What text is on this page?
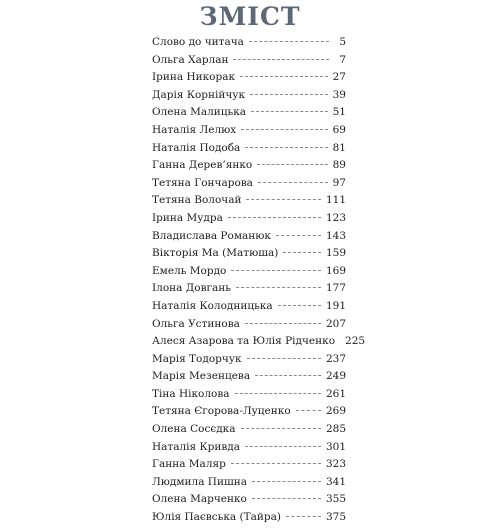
ЗМІСТ
Слово до читача	5
Ольга Харлан	7
Ірина Никорак	27
Дарія Корнійчук	39
Олена Малицька	51
Наталія Лелюх	69
Наталія Подоба	81
Ганна Дерев’янко	89
Тетяна Гончарова	97
Тетяна Волочай	111
Ірина Мудра	123
Владислава Романюк	143
Вікторія Ма (Матюша)	159
Емель Мордо	169
Ілона Довгань	177
Наталія Колодницька	191
Ольга Устинова	207
Алеся Азарова та Юлія Рідченко 225
Марія Тодорчук	237
Марія Мезенцева	249
Тіна Ніколова	261
Тетяна Єгорова-Луценко	269
Олена Сосєдка	285
Наталія Кривда	301
Ганна Маляр	323
Людмила Пишна	341
Олена Марченко	355
Юлія Паєвська (Тайра)	375
